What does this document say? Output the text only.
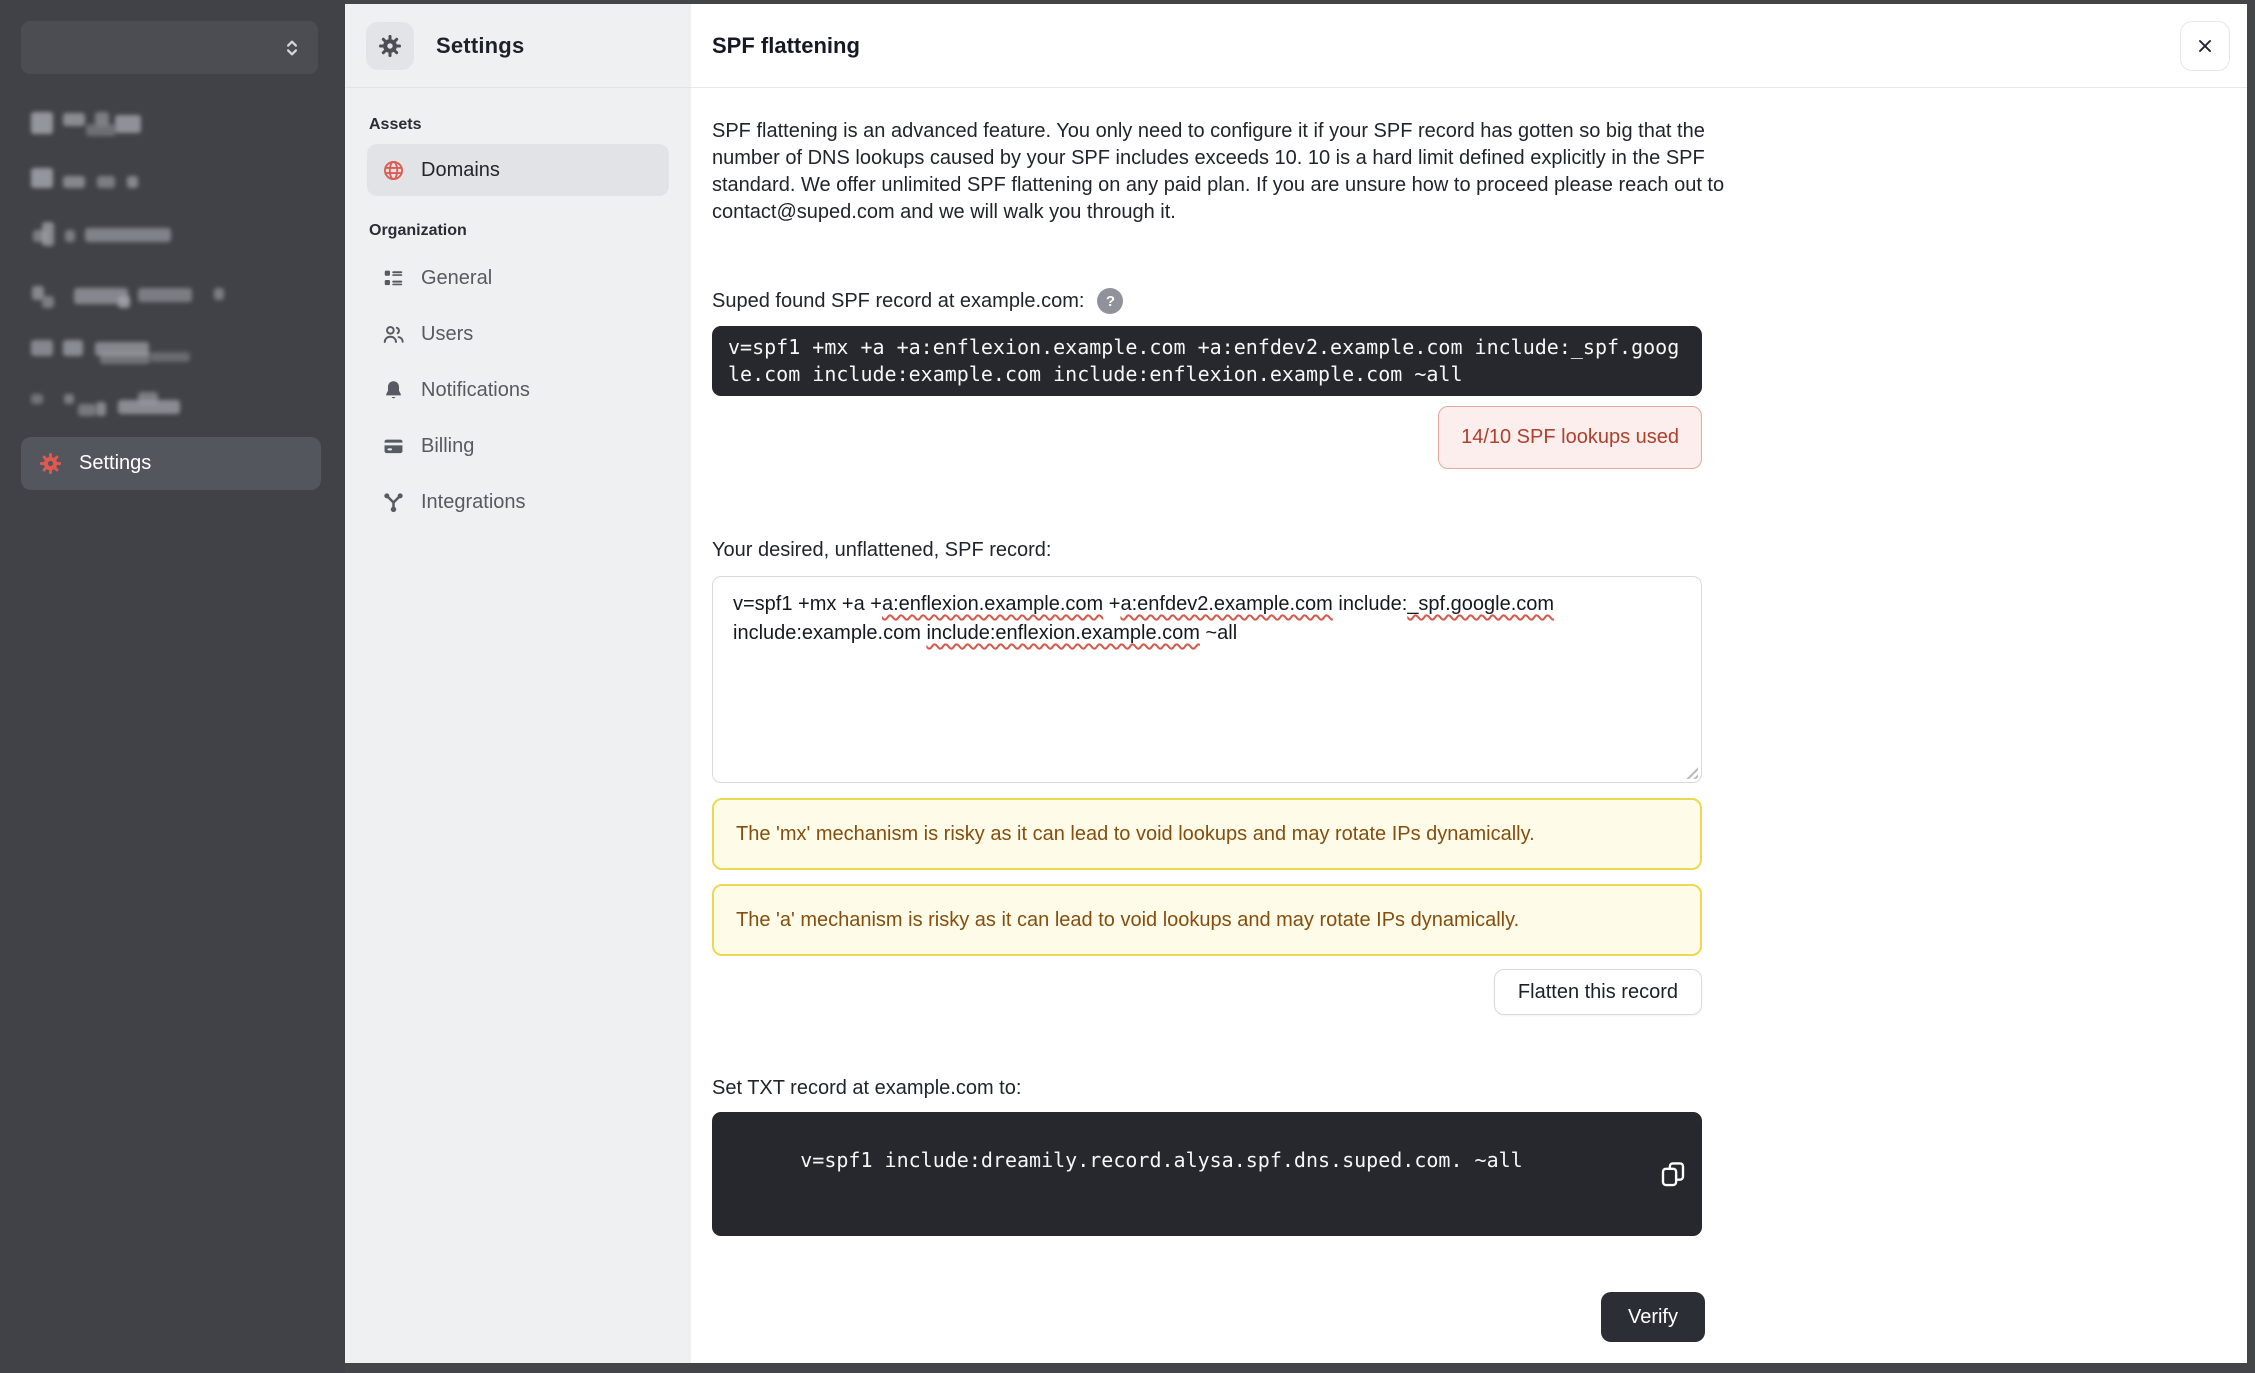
Settings
Settings
Assets
Domains
Organization
General
Users
Notifications
Billing
Integrations
SPF flattening

SPF flattening is an advanced feature. You only need to configure it if your SPF record has gotten so big that the number of DNS lookups caused by your SPF includes exceeds 10. 10 is a hard limit defined explicitly in the SPF standard. We offer unlimited SPF flattening on any paid plan. If you are unsure how to proceed please reach out to contact@suped.com and we will walk you through it.

Suped found SPF record at example.com:	?
v=spf1 +mx +a +a:enflexion.example.com +a:enfdev2.example.com include:_spf.google.com include:example.com include:enflexion.example.com ~all
14/10 SPF lookups used
Your desired, unflattened, SPF record:
v=spf1 +mx +a +a:enflexion.example.com +a:enfdev2.example.com include:_spf.google.com include:example.com include:enflexion.example.com ~all
The 'mx' mechanism is risky as it can lead to void lookups and may rotate IPs dynamically.
The 'a' mechanism is risky as it can lead to void lookups and may rotate IPs dynamically.
Flatten this record
Set TXT record at example.com to:

v=spf1 include:dreamily.record.alysa.spf.dns.suped.com. ~all

Verify
